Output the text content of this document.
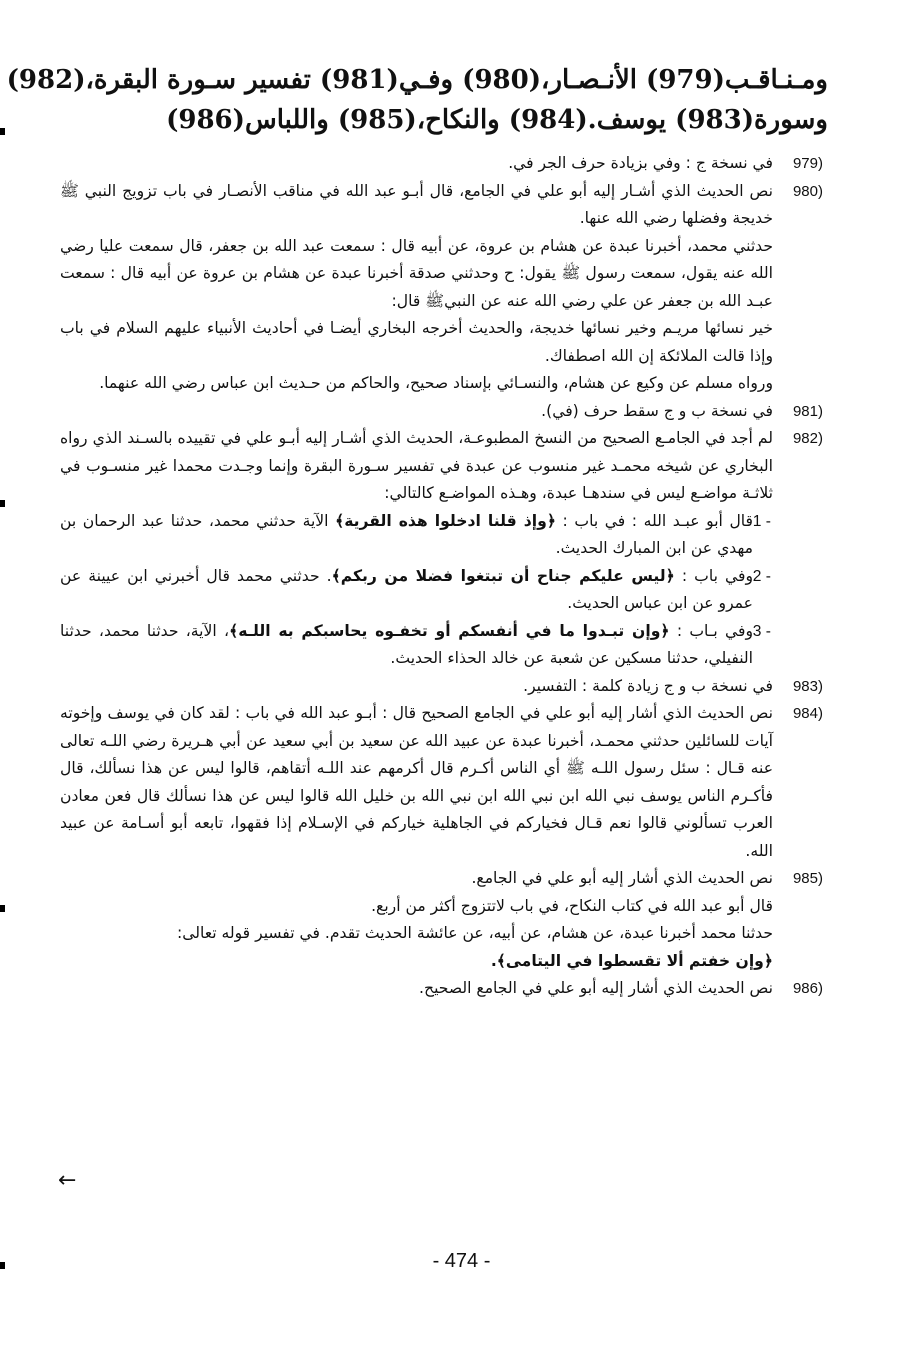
ومـنـاقـب(979) الأنـصـار،(980) وفـي(981) تفسير سـورة البقرة،(982)
وسورة(983) يوسف.(984) والنكاح،(985) واللباس(986)
979)
في نسخة ج : وفي بزيادة حرف الجر في.
980)
نص الحديث الذي أشـار إليه أبو علي في الجامع، قال أبـو عبد الله في مناقب الأنصـار في باب تزويج النبي ﷺ خديجة وفضلها رضي الله عنها.
حدثني محمد، أخبرنا عبدة عن هشام بن عروة، عن أبيه قال : سمعت عبد الله بن جعفر، قال سمعت عليا رضي الله عنه يقول، سمعت رسول ﷺ يقول: ح وحدثني صدقة أخبرنا عبدة عن هشام بن عروة عن أبيه قال : سمعت عبـد الله بن جعفر عن علي رضي الله عنه عن النبيﷺ قال:
خير نسائها مريـم وخير نسائها خديجة، والحديث أخرجه البخاري أيضـا في أحاديث الأنبياء عليهم السلام في باب وإذا قالت الملائكة إن الله اصطفاك.
ورواه مسلم عن وكيع عن هشام، والنسـائي بإسناد صحيح، والحاكم من حـديث ابن عباس رضي الله عنهما.
981)
في نسخة ب و ج سقط حرف (في).
982)
لم أجد في الجامـع الصحيح من النسخ المطبوعـة، الحديث الذي أشـار إليه أبـو علي في تقييده بالسـند الذي رواه البخاري عن شيخه محمـد غير منسوب عن عبدة في تفسير سـورة البقرة وإنما وجـدت محمدا غير منسـوب في ثلاثـة مواضـع ليس في سندهـا عبدة، وهـذه المواضـع كالتالي:
1 -
قال أبو عبـد الله : في باب : ﴿وإذ قلنا ادخلوا هذه القرية﴾ الآية حدثني محمد، حدثنا عبد الرحمان بن مهدي عن ابن المبارك الحديث.
2 -
وفي باب : ﴿ليس عليكم جناح أن تبتغوا فضلا من ربكم﴾. حدثني محمد قال أخبرني ابن عيينة عن عمرو عن ابن عباس الحديث.
3 -
وفي بـاب : ﴿وإن تبـدوا ما في أنفسكم أو تخفـوه يحاسبكم به اللـه﴾، الآية، حدثنا محمد، حدثنا النفيلي، حدثنا مسكين عن شعبة عن خالد الحذاء الحديث.
983)
في نسخة ب و ج زيادة كلمة : التفسير.
984)
نص الحديث الذي أشار إليه أبو علي في الجامع الصحيح قال : أبـو عبد الله في باب : لقد كان في يوسف وإخوته آيات للسائلين حدثني محمـد، أخبرنا عبدة عن عبيد الله عن سعيد بن أبي سعيد عن أبي هـريرة رضي اللـه تعالى عنه قـال : سئل رسول اللـه ﷺ أي الناس أكـرم قال أكرمهم عند اللـه أتقاهم، قالوا ليس عن هذا نسألك، قال فأكـرم الناس يوسف نبي الله ابن نبي الله ابن نبي الله بن خليل الله قالوا ليس عن هذا نسألك قال فعن معادن العرب تسألوني قالوا نعم قـال فخياركم في الجاهلية خياركم في الإسـلام إذا فقهوا، تابعه أبو أسـامة عن عبيد الله.
985)
نص الحديث الذي أشار إليه أبو علي في الجامع.
قال أبو عبد الله في كتاب النكاح، في باب لاتتزوج أكثر من أربع.
حدثنا محمد أخبرنا عبدة، عن هشام، عن أبيه، عن عائشة الحديث تقدم. في تفسير قوله تعالى:
﴿وإن خفتم ألا تقسطوا في اليتامى﴾.
986)
نص الحديث الذي أشار إليه أبو علي في الجامع الصحيح.
←
- 474 -
